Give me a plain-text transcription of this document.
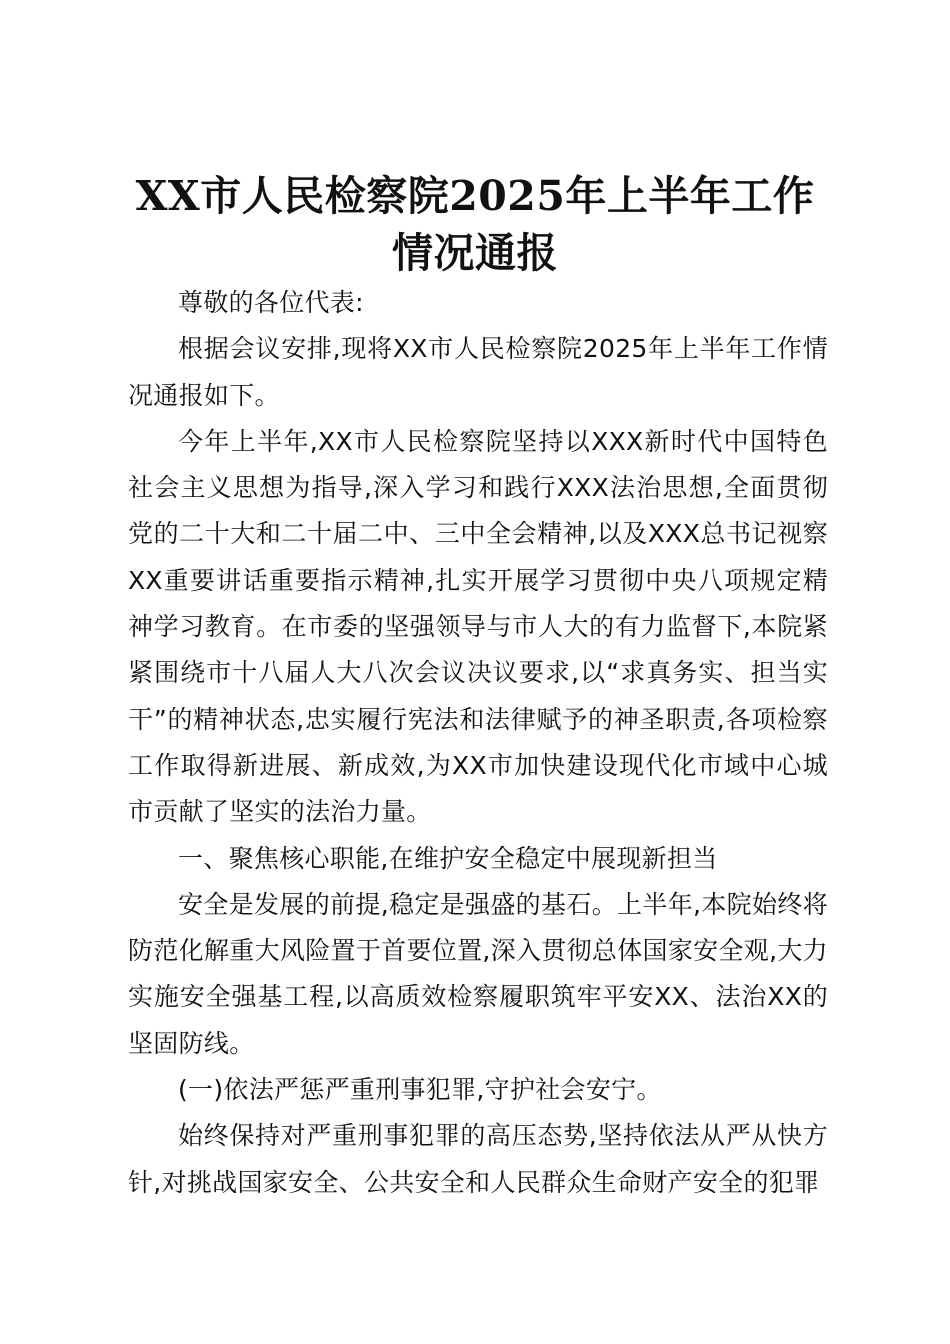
XX市人民检察院2025年上半年工作情况通报

尊敬的各位代表:

根据会议安排,现将XX市人民检察院2025年上半年工作情况通报如下。

今年上半年,XX市人民检察院坚持以XXX新时代中国特色社会主义思想为指导,深入学习和践行XXX法治思想,全面贯彻党的二十大和二十届二中、三中全会精神,以及XXX总书记视察XX重要讲话重要指示精神,扎实开展学习贯彻中央八项规定精神学习教育。在市委的坚强领导与市人大的有力监督下,本院紧紧围绕市十八届人大八次会议决议要求,以“求真务实、担当实干”的精神状态,忠实履行宪法和法律赋予的神圣职责,各项检察工作取得新进展、新成效,为XX市加快建设现代化市域中心城市贡献了坚实的法治力量。

一、聚焦核心职能,在维护安全稳定中展现新担当

安全是发展的前提,稳定是强盛的基石。上半年,本院始终将防范化解重大风险置于首要位置,深入贯彻总体国家安全观,大力实施安全强基工程,以高质效检察履职筑牢平安XX、法治XX的坚固防线。

(一)依法严惩严重刑事犯罪,守护社会安宁。

始终保持对严重刑事犯罪的高压态势,坚持依法从严从快方针,对挑战国家安全、公共安全和人民群众生命财产安全的犯罪
